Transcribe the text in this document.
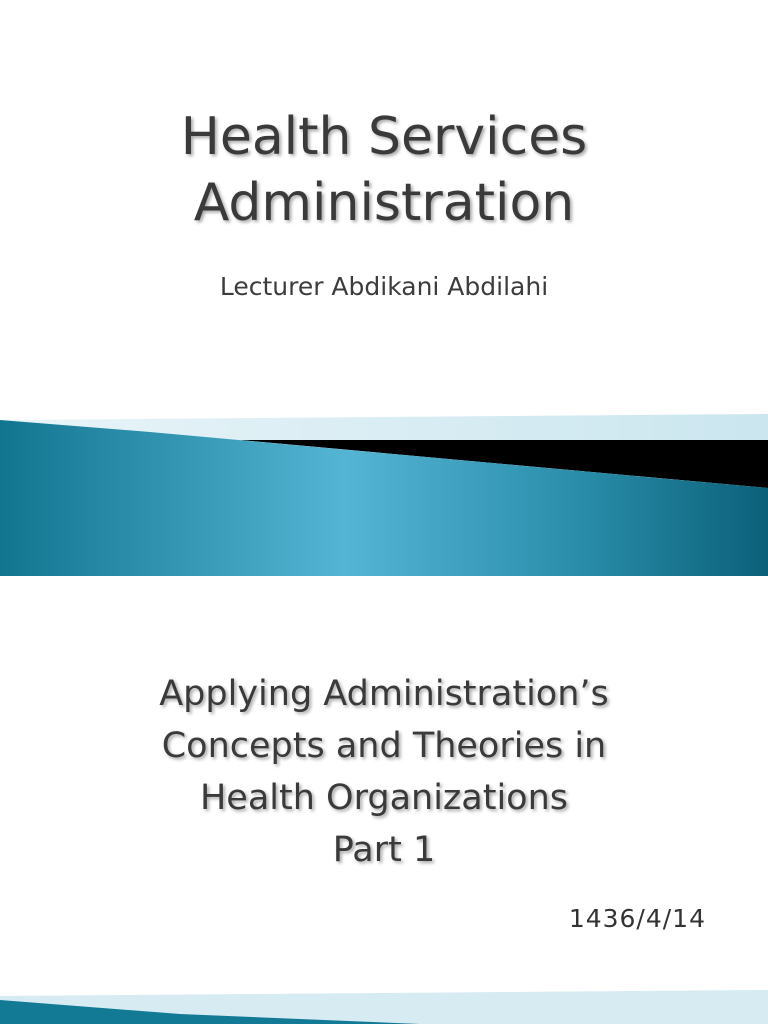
Health Services
Administration
Lecturer Abdikani Abdilahi
Applying Administration’s
Concepts and Theories in
Health Organizations
Part 1
1436/4/14
